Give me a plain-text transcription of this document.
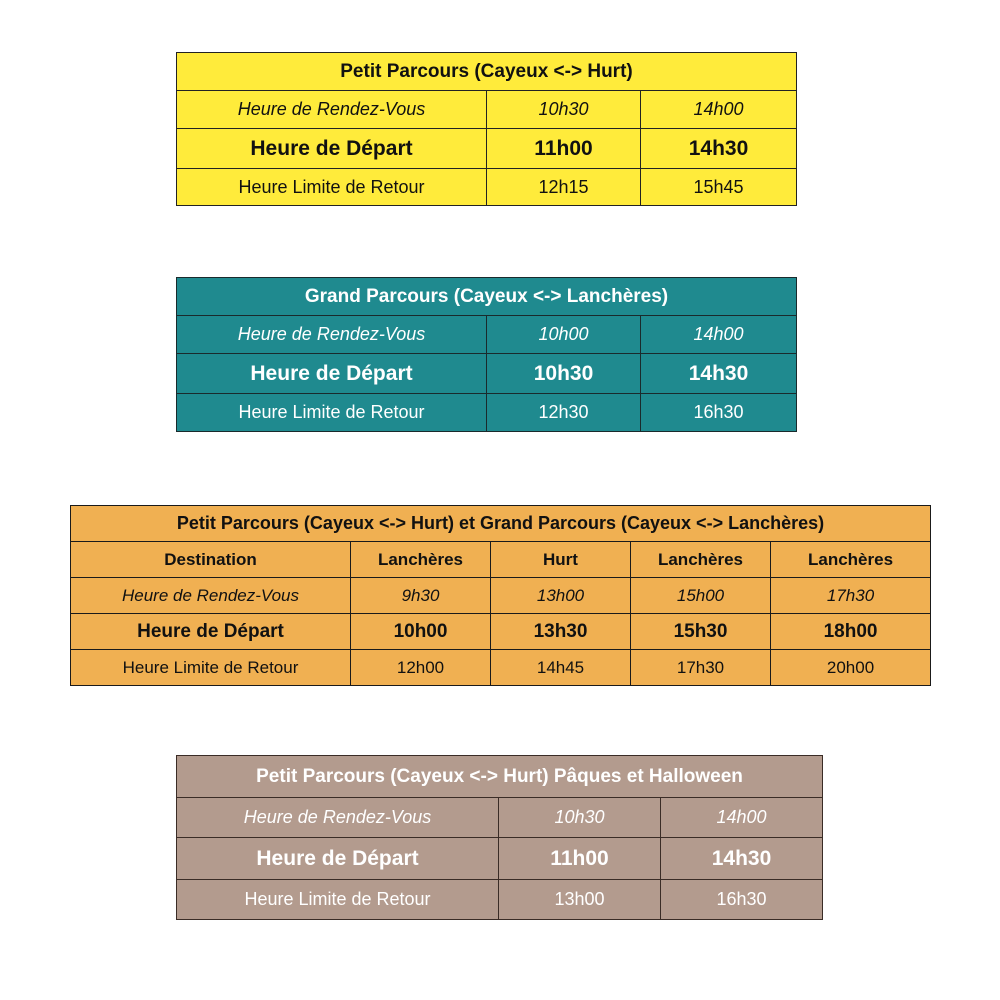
Petit Parcours (Cayeux <-> Hurt)		
Heure de Rendez-Vous	10h30	14h00
Heure de Départ	11h00	14h30
Heure Limite de Retour	12h15	15h45
Grand Parcours (Cayeux <-> Lanchères)		
Heure de Rendez-Vous	10h00	14h00
Heure de Départ	10h30	14h30
Heure Limite de Retour	12h30	16h30
Petit Parcours (Cayeux <-> Hurt) et Grand Parcours (Cayeux <-> Lanchères)				
Destination	Lanchères	Hurt	Lanchères	Lanchères
Heure de Rendez-Vous	9h30	13h00	15h00	17h30
Heure de Départ	10h00	13h30	15h30	18h00
Heure Limite de Retour	12h00	14h45	17h30	20h00
Petit Parcours (Cayeux <-> Hurt) Pâques et Halloween		
Heure de Rendez-Vous	10h30	14h00
Heure de Départ	11h00	14h30
Heure Limite de Retour	13h00	16h30
